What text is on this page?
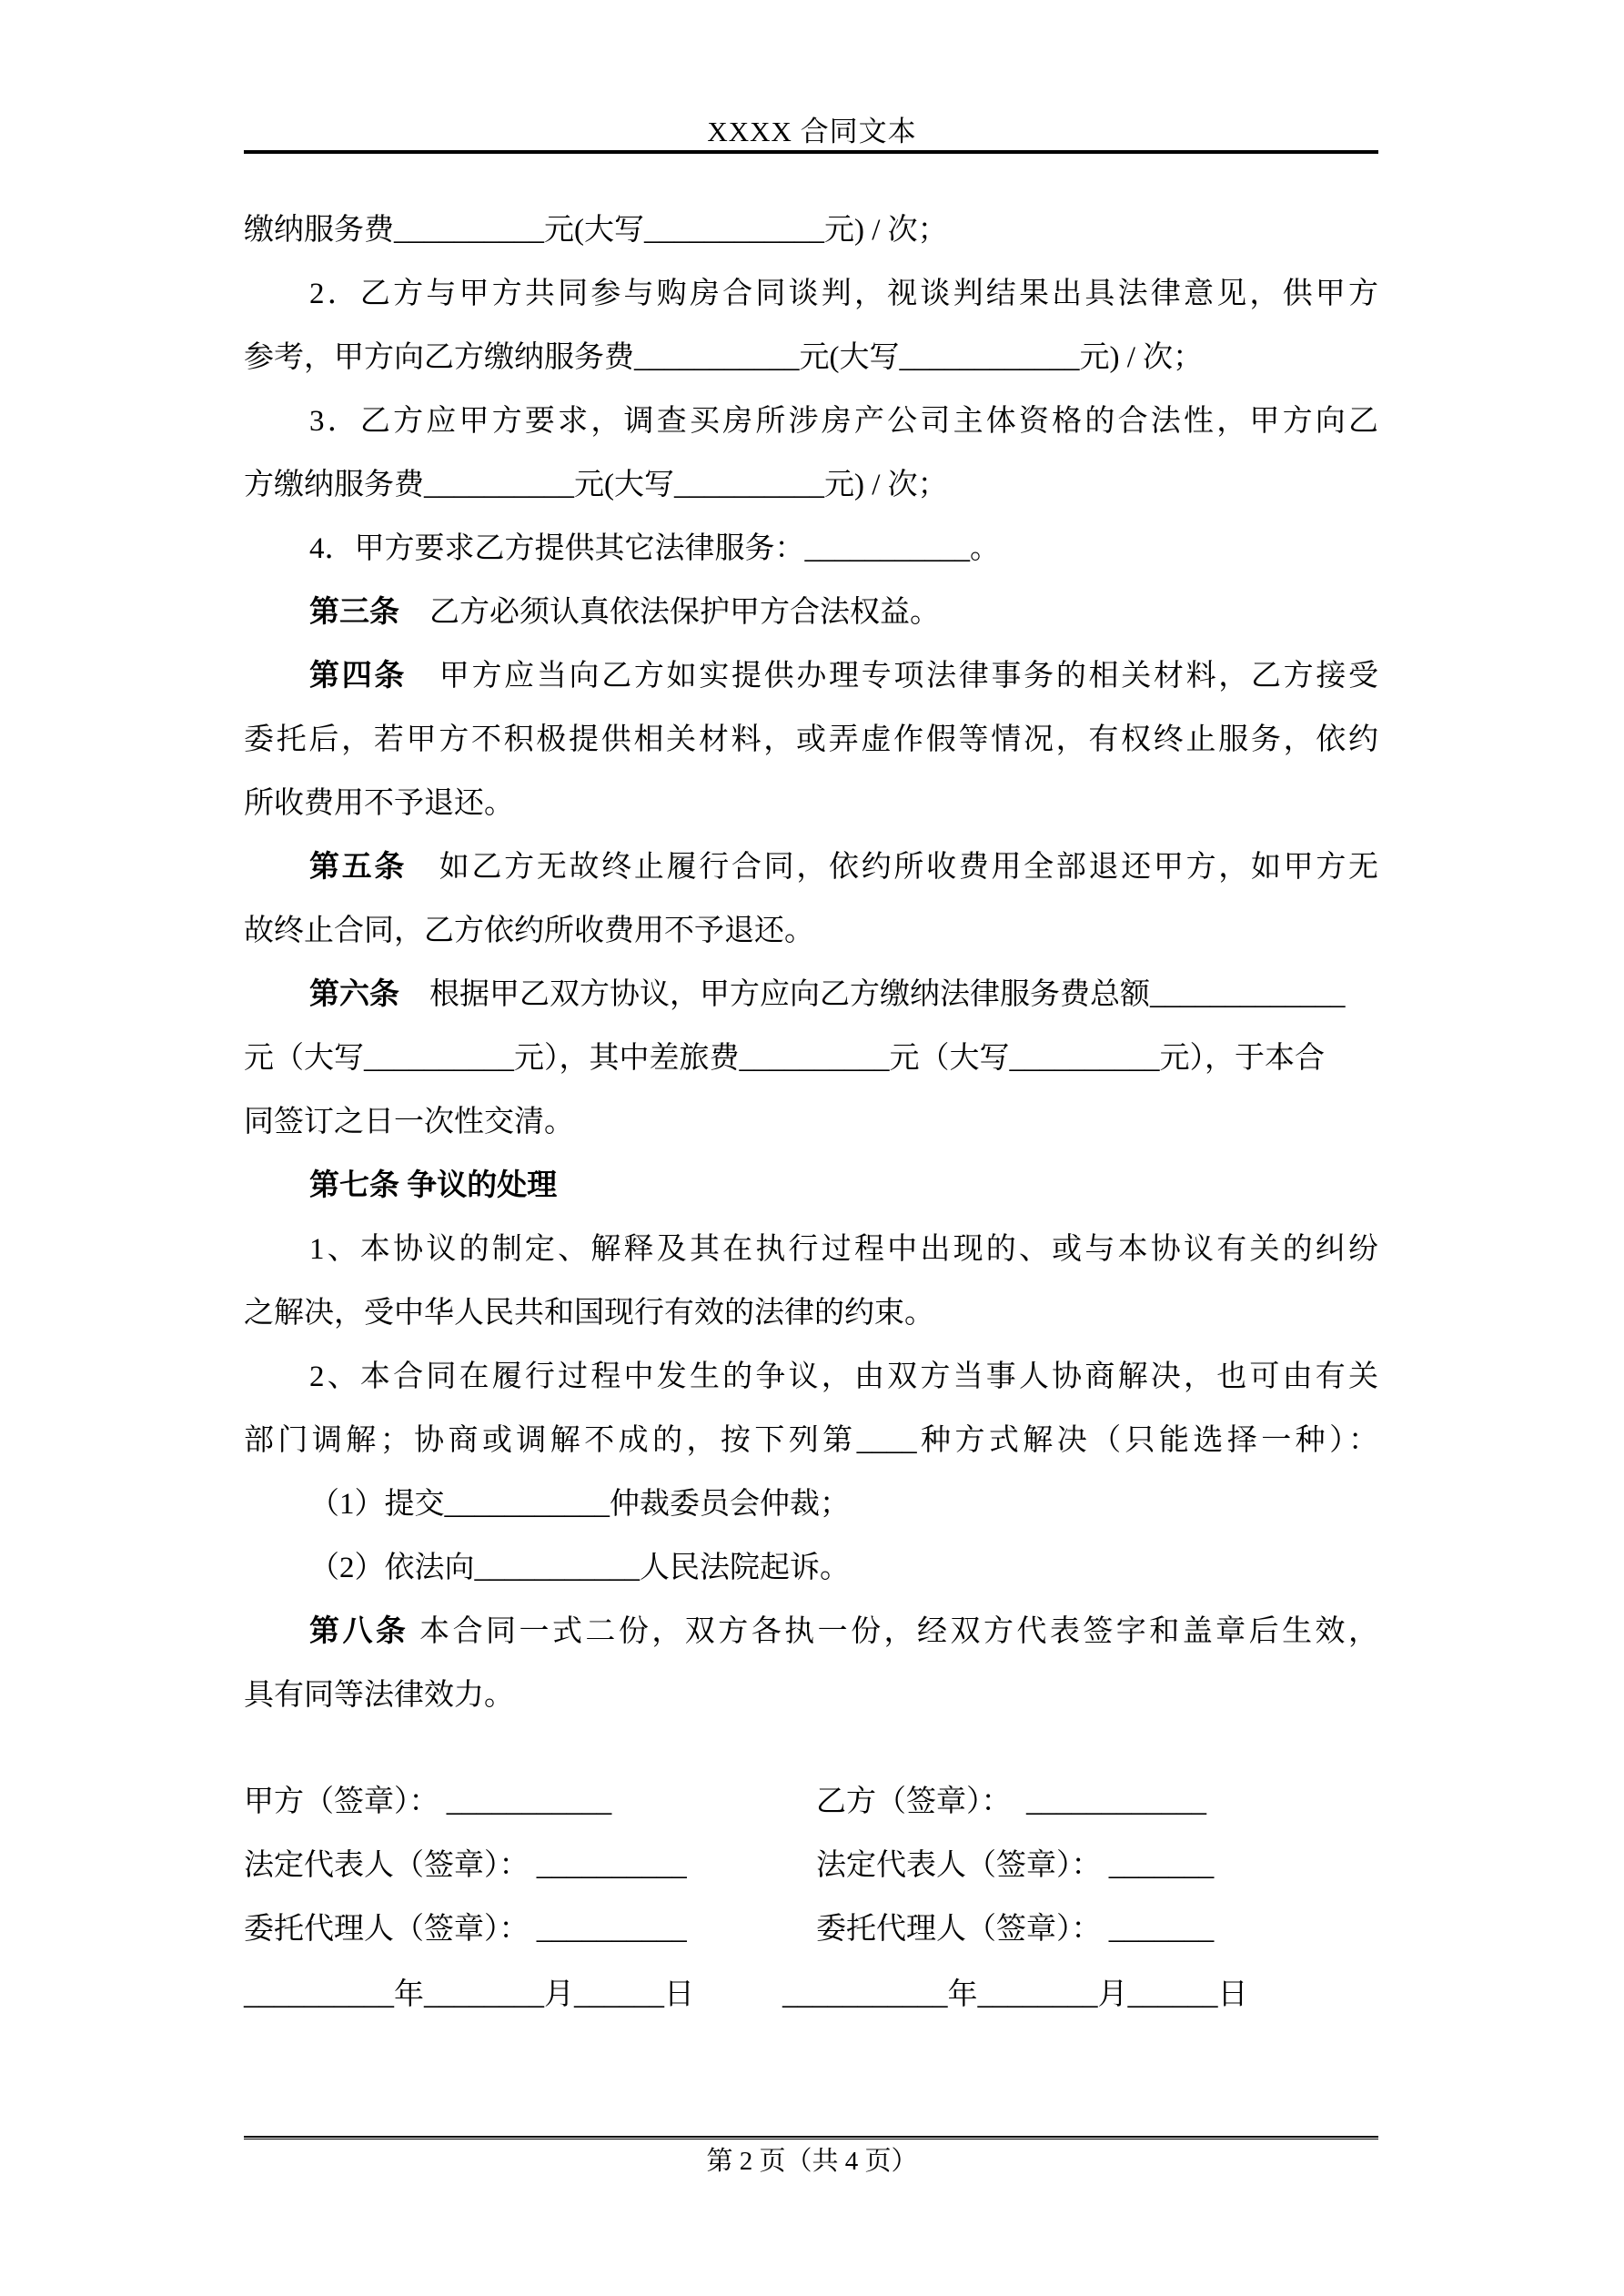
XXXX 合同文本
缴纳服务费__________元(大写____________元) / 次；
2．乙方与甲方共同参与购房合同谈判，视谈判结果出具法律意见，供甲方
参考，甲方向乙方缴纳服务费___________元(大写____________元) / 次；
3．乙方应甲方要求，调查买房所涉房产公司主体资格的合法性，甲方向乙
方缴纳服务费__________元(大写__________元) / 次；
4．甲方要求乙方提供其它法律服务：___________。
第三条　乙方必须认真依法保护甲方合法权益。
第四条　甲方应当向乙方如实提供办理专项法律事务的相关材料，乙方接受
委托后，若甲方不积极提供相关材料，或弄虚作假等情况，有权终止服务，依约
所收费用不予退还。
第五条　如乙方无故终止履行合同，依约所收费用全部退还甲方，如甲方无
故终止合同，乙方依约所收费用不予退还。
第六条　根据甲乙双方协议，甲方应向乙方缴纳法律服务费总额_____________
元（大写__________元），其中差旅费__________元（大写__________元），于本合
同签订之日一次性交清。
第七条 争议的处理
1、本协议的制定、解释及其在执行过程中出现的、或与本协议有关的纠纷
之解决，受中华人民共和国现行有效的法律的约束。
2、本合同在履行过程中发生的争议，由双方当事人协商解决，也可由有关
部门调解；协商或调解不成的，按下列第____种方式解决（只能选择一种）：
（1）提交___________仲裁委员会仲裁；
（2）依法向___________人民法院起诉。
第八条 本合同一式二份，双方各执一份，经双方代表签字和盖章后生效，
具有同等法律效力。
甲方（签章）： ___________	乙方（签章）：  ____________
法定代表人（签章）： __________	法定代表人（签章）： _______
委托代理人（签章）： __________	委托代理人（签章）： _______
__________年________月______日	___________年________月______日
第 2 页（共 4 页）
